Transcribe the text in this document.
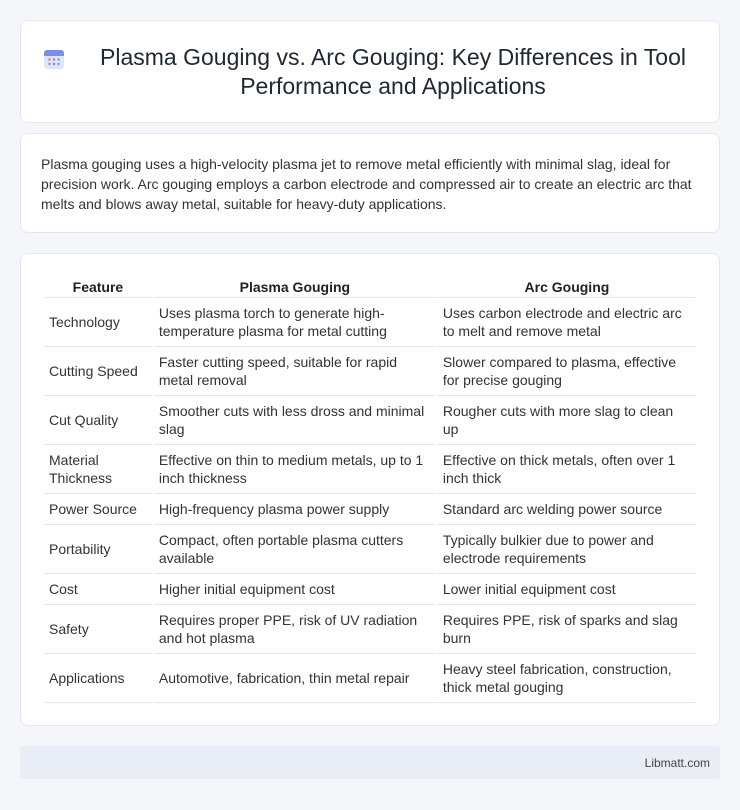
Plasma Gouging vs. Arc Gouging: Key Differences in Tool Performance and Applications

Plasma gouging uses a high-velocity plasma jet to remove metal efficiently with minimal slag, ideal for precision work. Arc gouging employs a carbon electrode and compressed air to create an electric arc that melts and blows away metal, suitable for heavy-duty applications.

Feature	Plasma Gouging	Arc Gouging
Technology	Uses plasma torch to generate high-temperature plasma for metal cutting	Uses carbon electrode and electric arc to melt and remove metal
Cutting Speed	Faster cutting speed, suitable for rapid metal removal	Slower compared to plasma, effective for precise gouging
Cut Quality	Smoother cuts with less dross and minimal slag	Rougher cuts with more slag to clean up
Material Thickness	Effective on thin to medium metals, up to 1 inch thickness	Effective on thick metals, often over 1 inch thick
Power Source	High-frequency plasma power supply	Standard arc welding power source
Portability	Compact, often portable plasma cutters available	Typically bulkier due to power and electrode requirements
Cost	Higher initial equipment cost	Lower initial equipment cost
Safety	Requires proper PPE, risk of UV radiation and hot plasma	Requires PPE, risk of sparks and slag burn
Applications	Automotive, fabrication, thin metal repair	Heavy steel fabrication, construction, thick metal gouging
Libmatt.com
